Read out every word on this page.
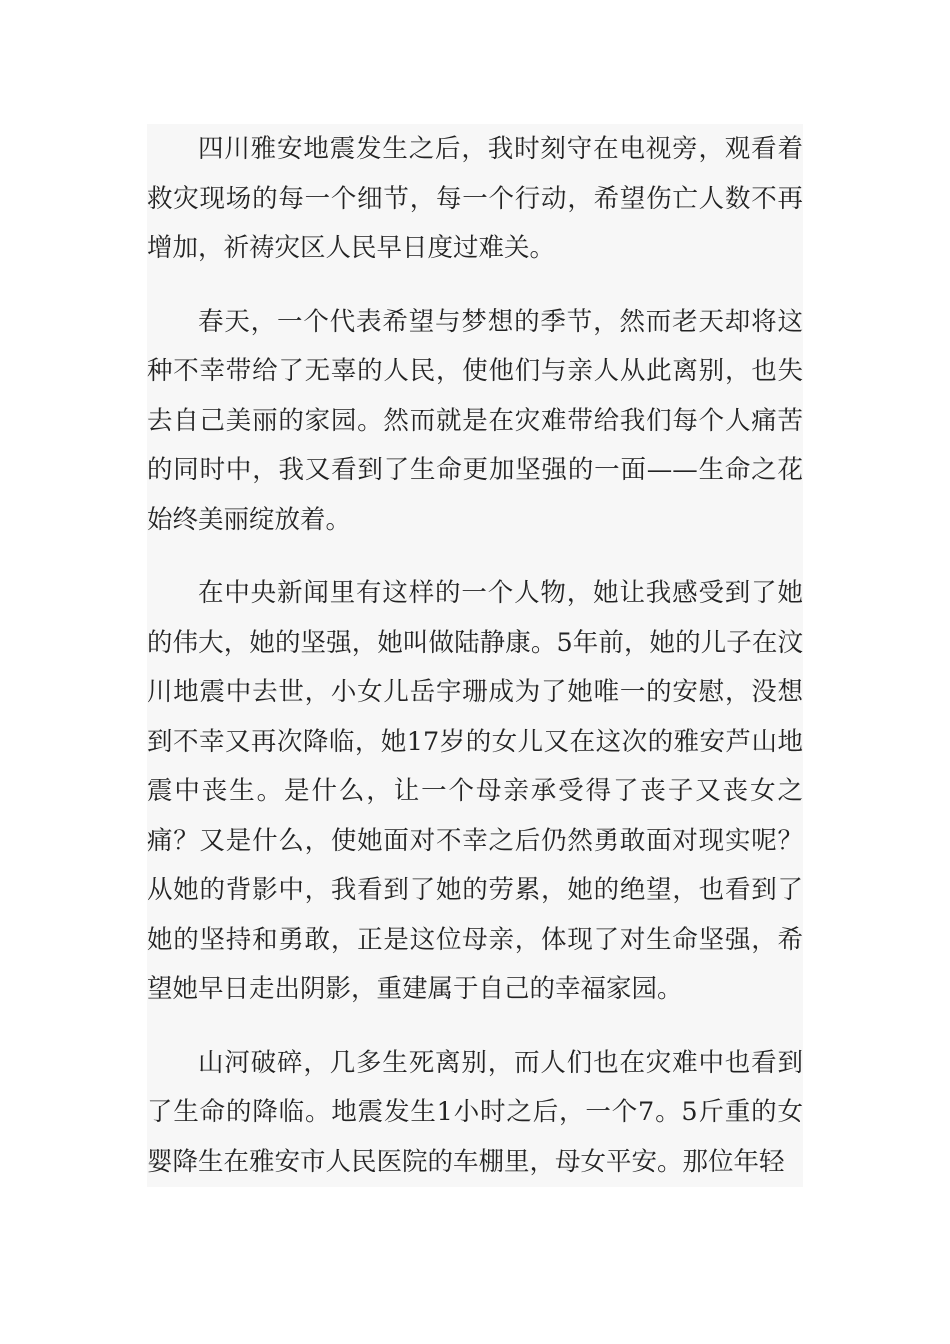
四川雅安地震发生之后，我时刻守在电视旁，观看着救灾现场的每一个细节，每一个行动，希望伤亡人数不再增加，祈祷灾区人民早日度过难关。

春天，一个代表希望与梦想的季节，然而老天却将这种不幸带给了无辜的人民，使他们与亲人从此离别，也失去自己美丽的家园。然而就是在灾难带给我们每个人痛苦的同时中，我又看到了生命更加坚强的一面——生命之花始终美丽绽放着。

在中央新闻里有这样的一个人物，她让我感受到了她的伟大，她的坚强，她叫做陆静康。5年前，她的儿子在汶川地震中去世，小女儿岳宇珊成为了她唯一的安慰，没想到不幸又再次降临，她17岁的女儿又在这次的雅安芦山地震中丧生。是什么，让一个母亲承受得了丧子又丧女之痛？又是什么，使她面对不幸之后仍然勇敢面对现实呢？从她的背影中，我看到了她的劳累，她的绝望，也看到了她的坚持和勇敢，正是这位母亲，体现了对生命坚强，希望她早日走出阴影，重建属于自己的幸福家园。

山河破碎，几多生死离别，而人们也在灾难中也看到了生命的降临。地震发生1小时之后，一个7。5斤重的女婴降生在雅安市人民医院的车棚里，母女平安。那位年轻
